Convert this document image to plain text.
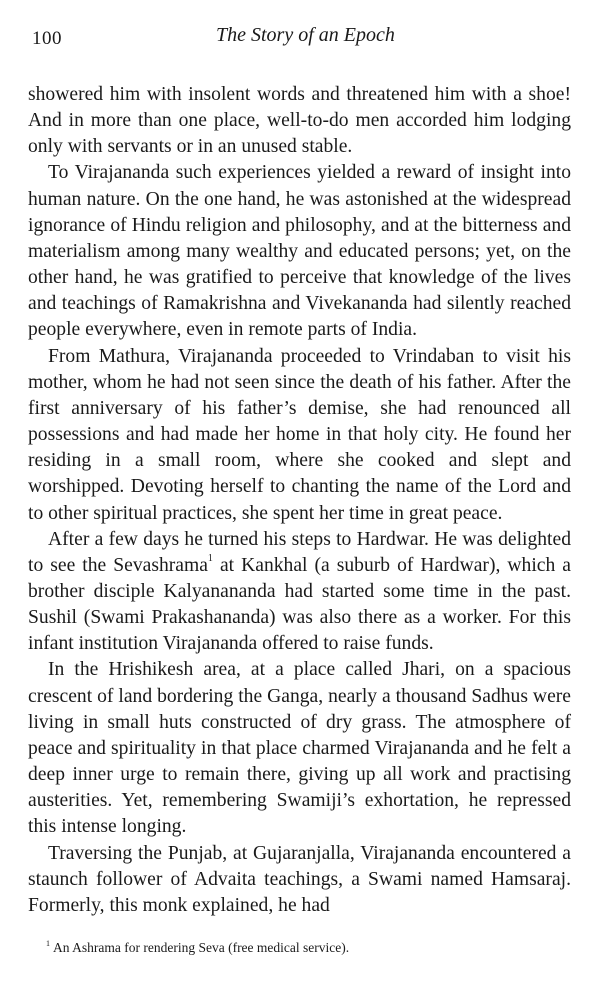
100	The Story of an Epoch

showered him with insolent words and threatened him with a shoe! And in more than one place, well-to-do men accorded him lodging only with servants or in an unused stable.

To Virajananda such experiences yielded a reward of insight into human nature. On the one hand, he was astonished at the widespread ignorance of Hindu religion and philosophy, and at the bitterness and materialism among many wealthy and educated persons; yet, on the other hand, he was gratified to perceive that knowledge of the lives and teachings of Ramakrishna and Vivekananda had silently reached people everywhere, even in remote parts of India.

From Mathura, Virajananda proceeded to Vrindaban to visit his mother, whom he had not seen since the death of his father. After the first anniversary of his father’s demise, she had renounced all possessions and had made her home in that holy city. He found her residing in a small room, where she cooked and slept and worshipped. Devoting herself to chanting the name of the Lord and to other spiritual practices, she spent her time in great peace.

After a few days he turned his steps to Hardwar. He was delighted to see the Sevashrama$^1$ at Kankhal (a suburb of Hardwar), which a brother disciple Kalyanananda had started some time in the past. Sushil (Swami Prakashananda) was also there as a worker. For this infant institution Virajananda offered to raise funds.

In the Hrishikesh area, at a place called Jhari, on a spacious crescent of land bordering the Ganga, nearly a thousand Sadhus were living in small huts constructed of dry grass. The atmosphere of peace and spirituality in that place charmed Virajananda and he felt a deep inner urge to remain there, giving up all work and practising austerities. Yet, remembering Swamiji’s exhortation, he repressed this intense longing.

Traversing the Punjab, at Gujaranjalla, Virajananda encountered a staunch follower of Advaita teachings, a Swami named Hamsaraj. Formerly, this monk explained, he had

$^1$ An Ashrama for rendering Seva (free medical service).
